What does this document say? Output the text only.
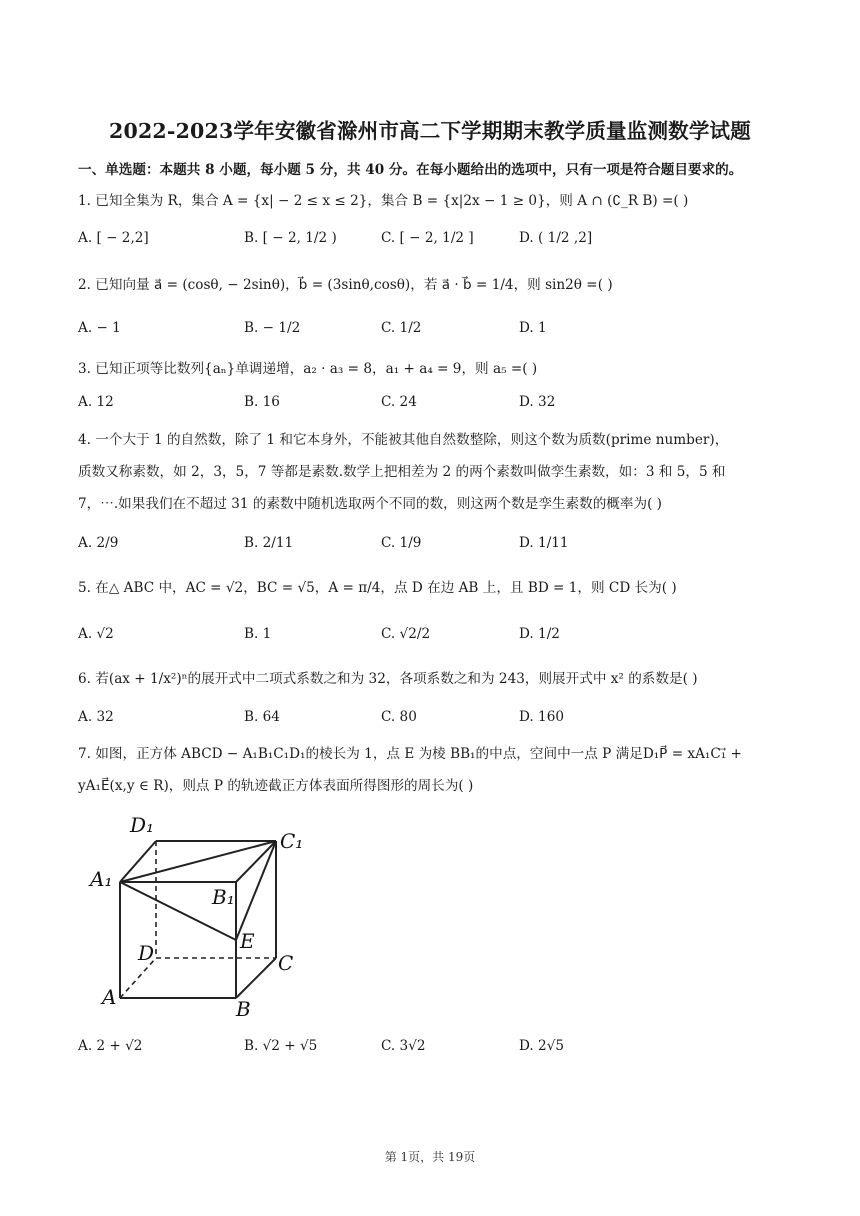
2022-2023学年安徽省滁州市高二下学期期末教学质量监测数学试题
一、单选题：本题共 8 小题，每小题 5 分，共 40 分。在每小题给出的选项中，只有一项是符合题目要求的。
1. 已知全集为 R，集合 A = {x| − 2 ≤ x ≤ 2}，集合 B = {x|2x − 1 ≥ 0}，则 A ∩ (∁_R B) =( )
A. [ − 2,2]	B. [ − 2, 1/2 )	C. [ − 2, 1/2 ]	D. ( 1/2 ,2]
2. 已知向量 a⃗ = (cosθ, − 2sinθ)，b⃗ = (3sinθ,cosθ)，若 a⃗ · b⃗ = 1/4，则 sin2θ =( )
A. − 1	B. − 1/2	C. 1/2	D. 1
3. 已知正项等比数列{aₙ}单调递增，a₂ · a₃ = 8，a₁ + a₄ = 9，则 a₅ =( )
A. 12	B. 16	C. 24	D. 32
4. 一个大于 1 的自然数，除了 1 和它本身外，不能被其他自然数整除，则这个数为质数(prime number)，
质数又称素数，如 2，3，5，7 等都是素数.数学上把相差为 2 的两个素数叫做孪生素数，如：3 和 5，5 和
7，⋯.如果我们在不超过 31 的素数中随机选取两个不同的数，则这两个数是孪生素数的概率为( )
A. 2/9	B. 2/11	C. 1/9	D. 1/11
5. 在△ ABC 中，AC = √2，BC = √5，A = π/4，点 D 在边 AB 上，且 BD = 1，则 CD 长为( )
A. √2	B. 1	C. √2/2	D. 1/2
6. 若(ax + 1/x²)ⁿ的展开式中二项式系数之和为 32，各项系数之和为 243，则展开式中 x² 的系数是( )
A. 32	B. 64	C. 80	D. 160
7. 如图，正方体 ABCD − A₁B₁C₁D₁的棱长为 1，点 E 为棱 BB₁的中点，空间中一点 P 满足D₁P⃗ = xA₁C₁⃗ +
yA₁E⃗(x,y ∈ R)，则点 P 的轨迹截正方体表面所得图形的周长为( )
D₁
C₁
A₁
B₁
E
D	C
A	B
A. 2 + √2	B. √2 + √5	C. 3√2	D. 2√5
第 1页，共 19页
